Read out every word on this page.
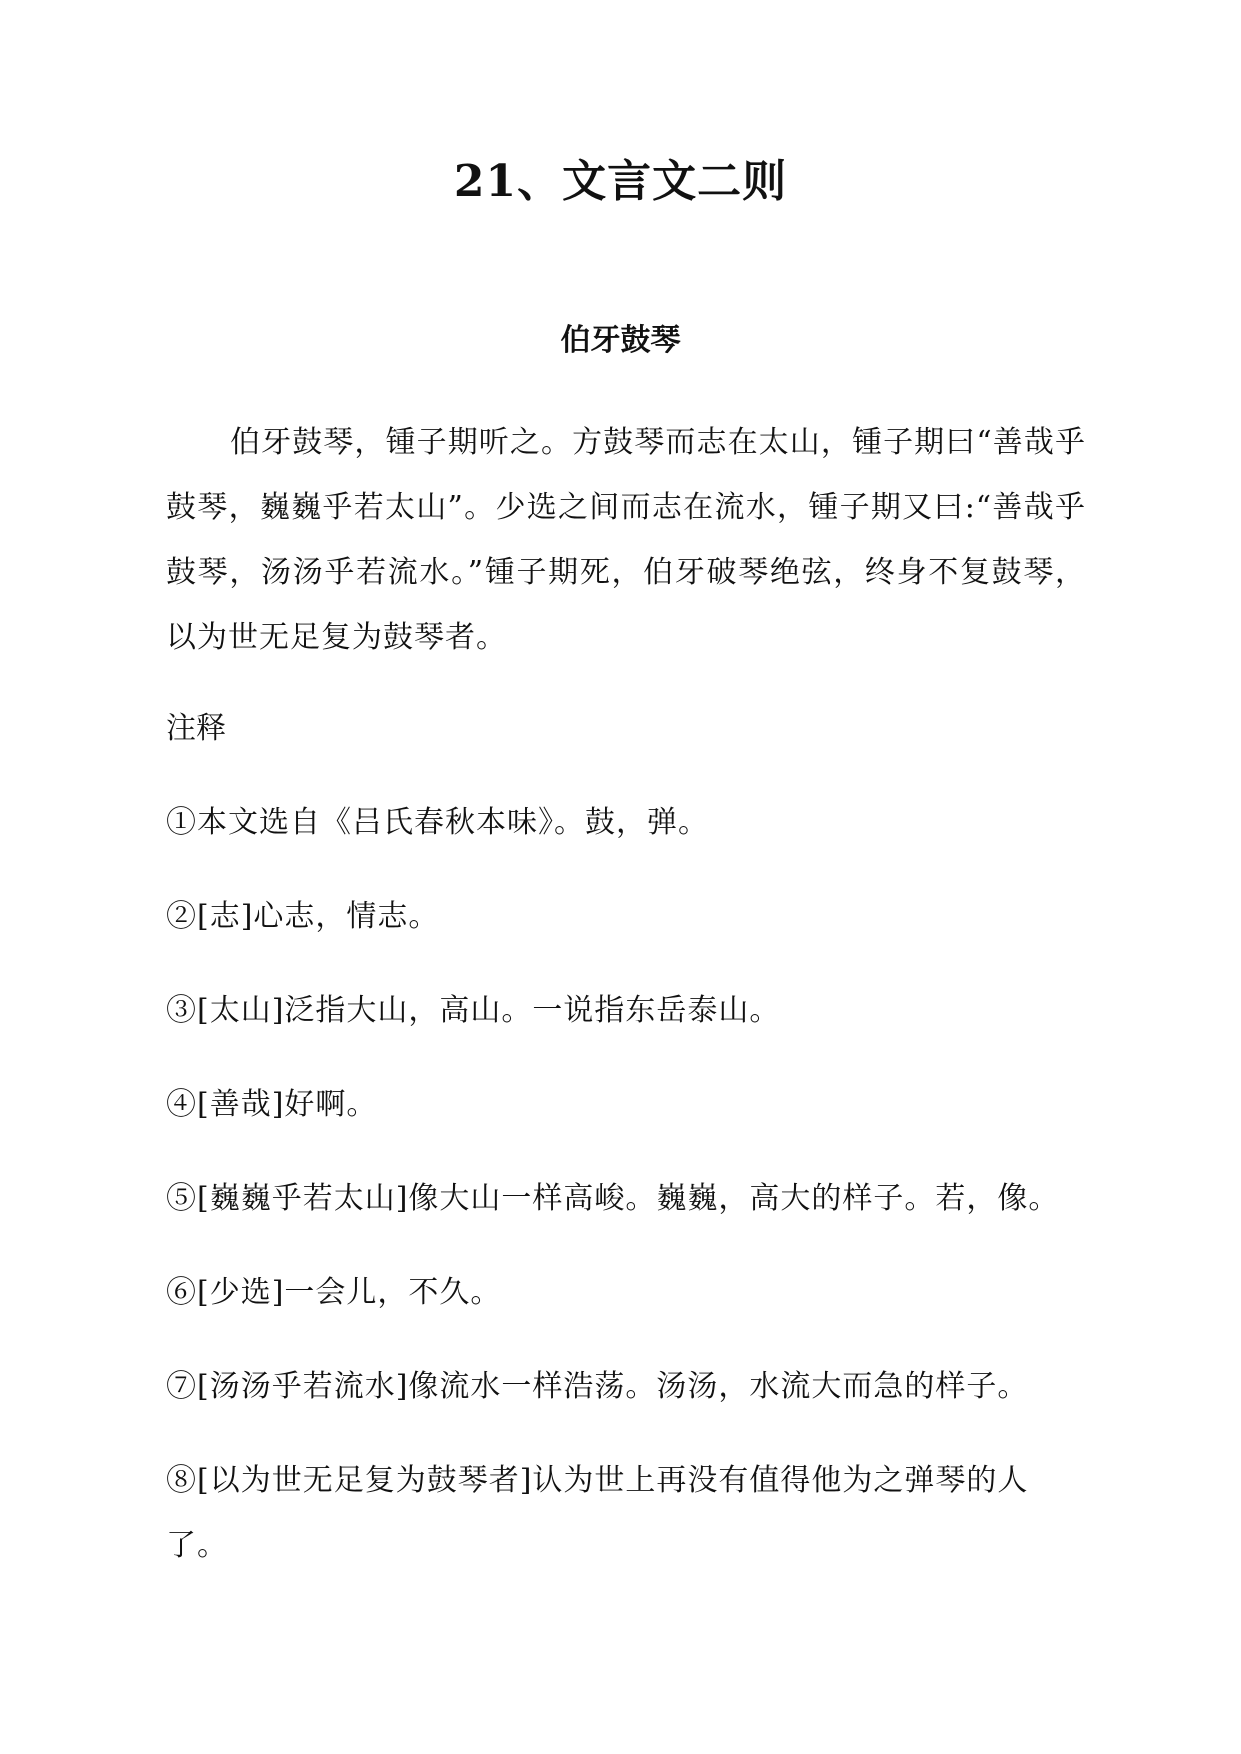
21、文言文二则
伯牙鼓琴

伯牙鼓琴，锺子期听之。方鼓琴而志在太山，锺子期曰“善哉乎鼓琴，巍巍乎若太山”。少选之间而志在流水，锺子期又曰:“善哉乎鼓琴，汤汤乎若流水。”锺子期死，伯牙破琴绝弦，终身不复鼓琴，以为世无足复为鼓琴者。

注释
①本文选自《吕氏春秋本味》。鼓，弹。
②[志]心志，情志。
③[太山]泛指大山，高山。一说指东岳泰山。
④[善哉]好啊。
⑤[巍巍乎若太山]像大山一样高峻。巍巍，高大的样子。若，像。
⑥[少选]一会儿，不久。
⑦[汤汤乎若流水]像流水一样浩荡。汤汤，水流大而急的样子。
⑧[以为世无足复为鼓琴者]认为世上再没有值得他为之弹琴的人了。
